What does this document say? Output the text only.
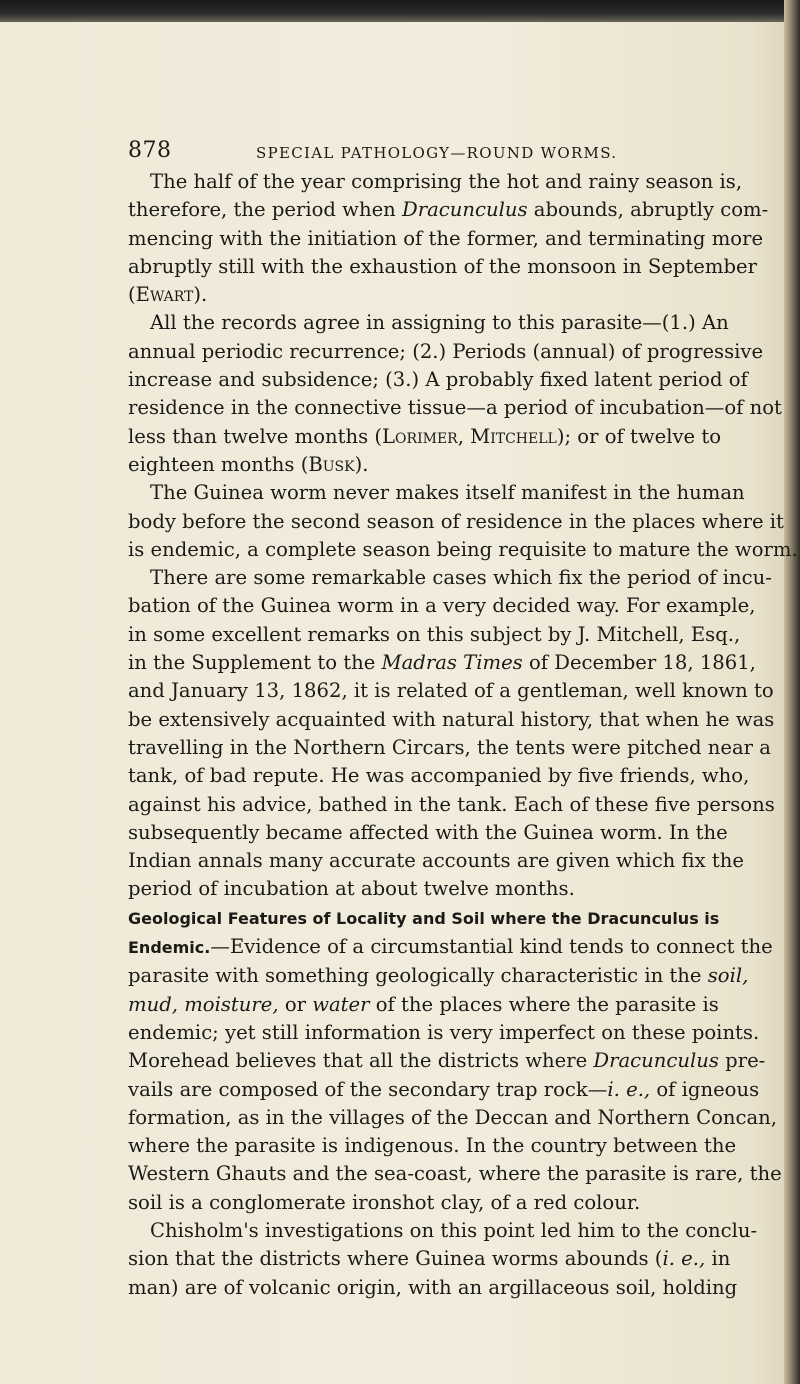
878	SPECIAL PATHOLOGY—ROUND WORMS.
The half of the year comprising the hot and rainy season is,
therefore, the period when Dracunculus abounds, abruptly com-
mencing with the initiation of the former, and terminating more
abruptly still with the exhaustion of the monsoon in September
(Ewart).
All the records agree in assigning to this parasite—(1.) An
annual periodic recurrence; (2.) Periods (annual) of progressive
increase and subsidence; (3.) A probably fixed latent period of
residence in the connective tissue—a period of incubation—of not
less than twelve months (Lorimer, Mitchell); or of twelve to
eighteen months (Busk).
The Guinea worm never makes itself manifest in the human
body before the second season of residence in the places where it
is endemic, a complete season being requisite to mature the worm.
There are some remarkable cases which fix the period of incu-
bation of the Guinea worm in a very decided way. For example,
in some excellent remarks on this subject by J. Mitchell, Esq.,
in the Supplement to the Madras Times of December 18, 1861,
and January 13, 1862, it is related of a gentleman, well known to
be extensively acquainted with natural history, that when he was
travelling in the Northern Circars, the tents were pitched near a
tank, of bad repute. He was accompanied by five friends, who,
against his advice, bathed in the tank. Each of these five persons
subsequently became affected with the Guinea worm. In the
Indian annals many accurate accounts are given which fix the
period of incubation at about twelve months.
Geological Features of Locality and Soil where the Dracunculus is
Endemic.—Evidence of a circumstantial kind tends to connect the
parasite with something geologically characteristic in the soil,
mud, moisture, or water of the places where the parasite is
endemic; yet still information is very imperfect on these points.
Morehead believes that all the districts where Dracunculus pre-
vails are composed of the secondary trap rock—i. e., of igneous
formation, as in the villages of the Deccan and Northern Concan,
where the parasite is indigenous. In the country between the
Western Ghauts and the sea-coast, where the parasite is rare, the
soil is a conglomerate ironshot clay, of a red colour.
Chisholm's investigations on this point led him to the conclu-
sion that the districts where Guinea worms abounds (i. e., in
man) are of volcanic origin, with an argillaceous soil, holding
